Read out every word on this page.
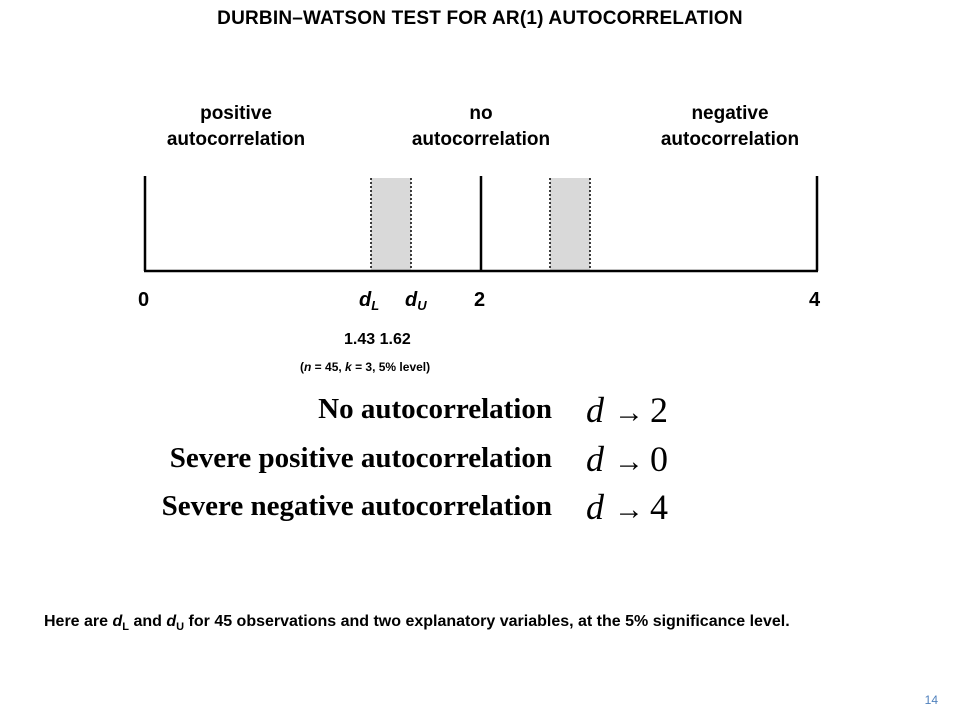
DURBIN–WATSON TEST FOR AR(1) AUTOCORRELATION
positive
autocorrelation
no
autocorrelation
negative
autocorrelation
0	2	4
$d_L$ $d_U$
1.43 1.62
(n = 45, k = 3, 5% level)
No autocorrelation d → 2
Severe positive autocorrelation d → 0
Severe negative autocorrelation d → 4
Here are $d_L$ and $d_U$ for 45 observations and two explanatory variables, at the 5% significance level.
14
